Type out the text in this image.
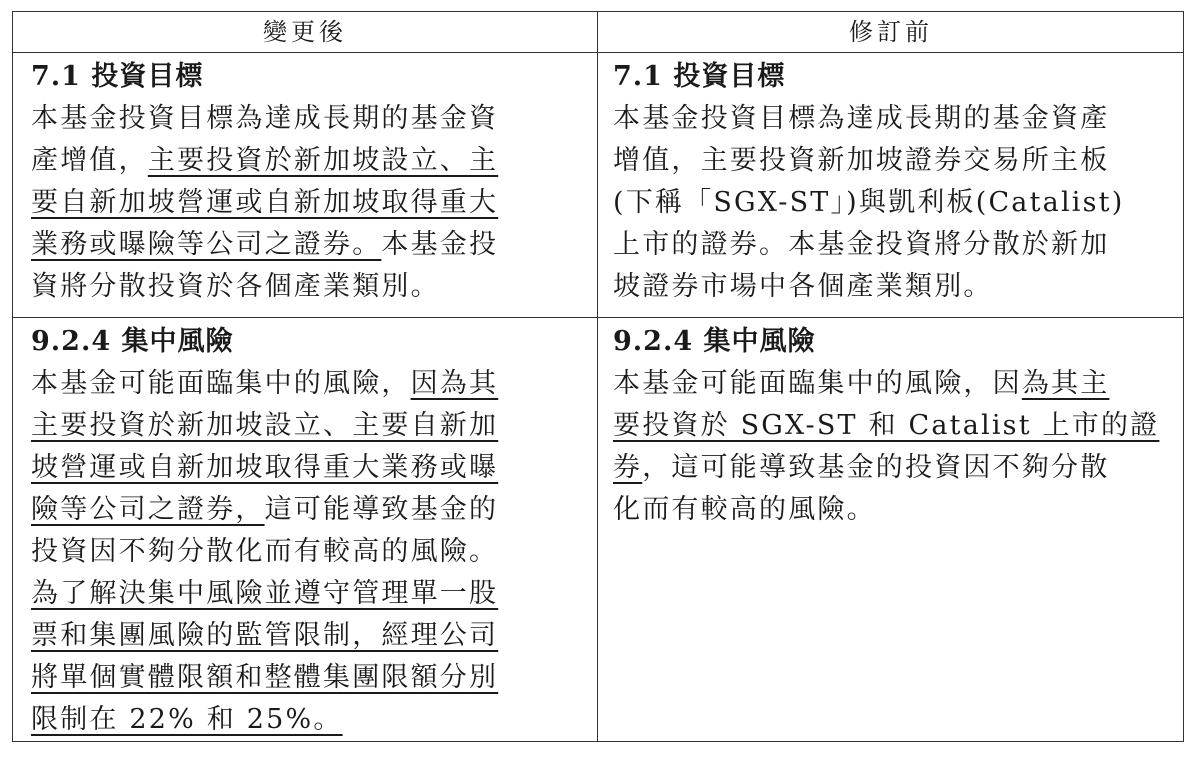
變更後	修訂前
7.1 投資目標
本基金投資目標為達成長期的基金資
產增值，主要投資於新加坡設立、主
要自新加坡營運或自新加坡取得重大
業務或曝險等公司之證券。本基金投
資將分散投資於各個產業類別。
7.1 投資目標
本基金投資目標為達成長期的基金資產
增值，主要投資新加坡證券交易所主板
(下稱「SGX-ST」)與凱利板(Catalist)
上市的證券。本基金投資將分散於新加
坡證券市場中各個產業類別。
9.2.4 集中風險
本基金可能面臨集中的風險，因為其
主要投資於新加坡設立、主要自新加
坡營運或自新加坡取得重大業務或曝
險等公司之證券，這可能導致基金的
投資因不夠分散化而有較高的風險。
為了解決集中風險並遵守管理單一股
票和集團風險的監管限制，經理公司
將單個實體限額和整體集團限額分別
限制在 22% 和 25%。
9.2.4 集中風險
本基金可能面臨集中的風險，因為其主
要投資於 SGX-ST 和 Catalist 上市的證
券，這可能導致基金的投資因不夠分散
化而有較高的風險。
